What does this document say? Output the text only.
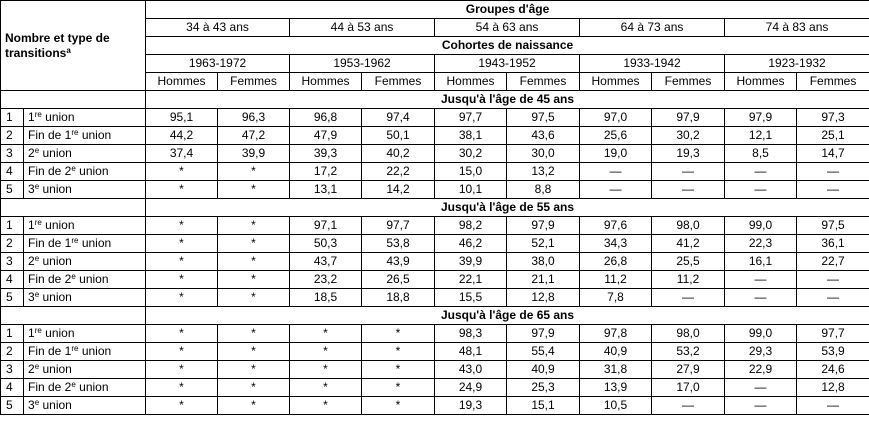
Nombre et type de transitions$^a$		Groupes d'âge									
		34 à 43 ans		44 à 53 ans		54 à 63 ans		64 à 73 ans		74 à 83 ans	
		Cohortes de naissance									
		1963-1972		1953-1962		1943-1952		1933-1942		1923-1932	
		Hommes	Femmes	Hommes	Femmes	Hommes	Femmes	Hommes	Femmes	Hommes	Femmes
		Jusqu'à l'âge de 45 ans									
1	1re union	95,1	96,3	96,8	97,4	97,7	97,5	97,0	97,9	97,9	97,3
2	Fin de 1re union	44,2	47,2	47,9	50,1	38,1	43,6	25,6	30,2	12,1	25,1
3	2e union	37,4	39,9	39,3	40,2	30,2	30,0	19,0	19,3	8,5	14,7
4	Fin de 2e union	*	*	17,2	22,2	15,0	13,2	—	—	—	—
5	3e union	*	*	13,1	14,2	10,1	8,8	—	—	—	—
		Jusqu'à l'âge de 55 ans									
1	1re union	*	*	97,1	97,7	98,2	97,9	97,6	98,0	99,0	97,5
2	Fin de 1re union	*	*	50,3	53,8	46,2	52,1	34,3	41,2	22,3	36,1
3	2e union	*	*	43,7	43,9	39,9	38,0	26,8	25,5	16,1	22,7
4	Fin de 2e union	*	*	23,2	26,5	22,1	21,1	11,2	11,2	—	—
5	3e union	*	*	18,5	18,8	15,5	12,8	7,8	—	—	—
		Jusqu'à l'âge de 65 ans									
1	1re union	*	*	*	*	98,3	97,9	97,8	98,0	99,0	97,7
2	Fin de 1re union	*	*	*	*	48,1	55,4	40,9	53,2	29,3	53,9
3	2e union	*	*	*	*	43,0	40,9	31,8	27,9	22,9	24,6
4	Fin de 2e union	*	*	*	*	24,9	25,3	13,9	17,0	—	12,8
5	3e union	*	*	*	*	19,3	15,1	10,5	—	—	—
